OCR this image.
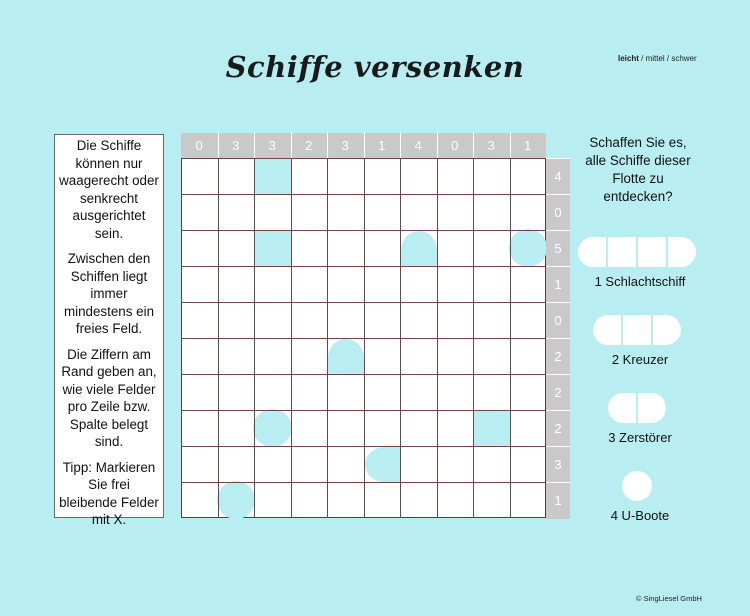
Schiffe versenken	leicht / mittel / schwer

Die Schiffe können nur waagerecht oder senkrecht ausgerichtet sein.

Zwischen den Schiffen liegt immer mindestens ein freies Feld.

Die Ziffern am Rand geben an, wie viele Felder pro Zeile bzw. Spalte belegt sind.

Tipp: Markieren Sie frei bleibende Felder mit X.

0	3	3	2	3	1	4	0	3	1
4
0
5
1
0
2
2
2
3
1
Schaffen Sie es, alle Schiffe dieser Flotte zu entdecken?
1 Schlachtschiff
2 Kreuzer
3 Zerstörer
4 U-Boote
© SingLiesel GmbH
